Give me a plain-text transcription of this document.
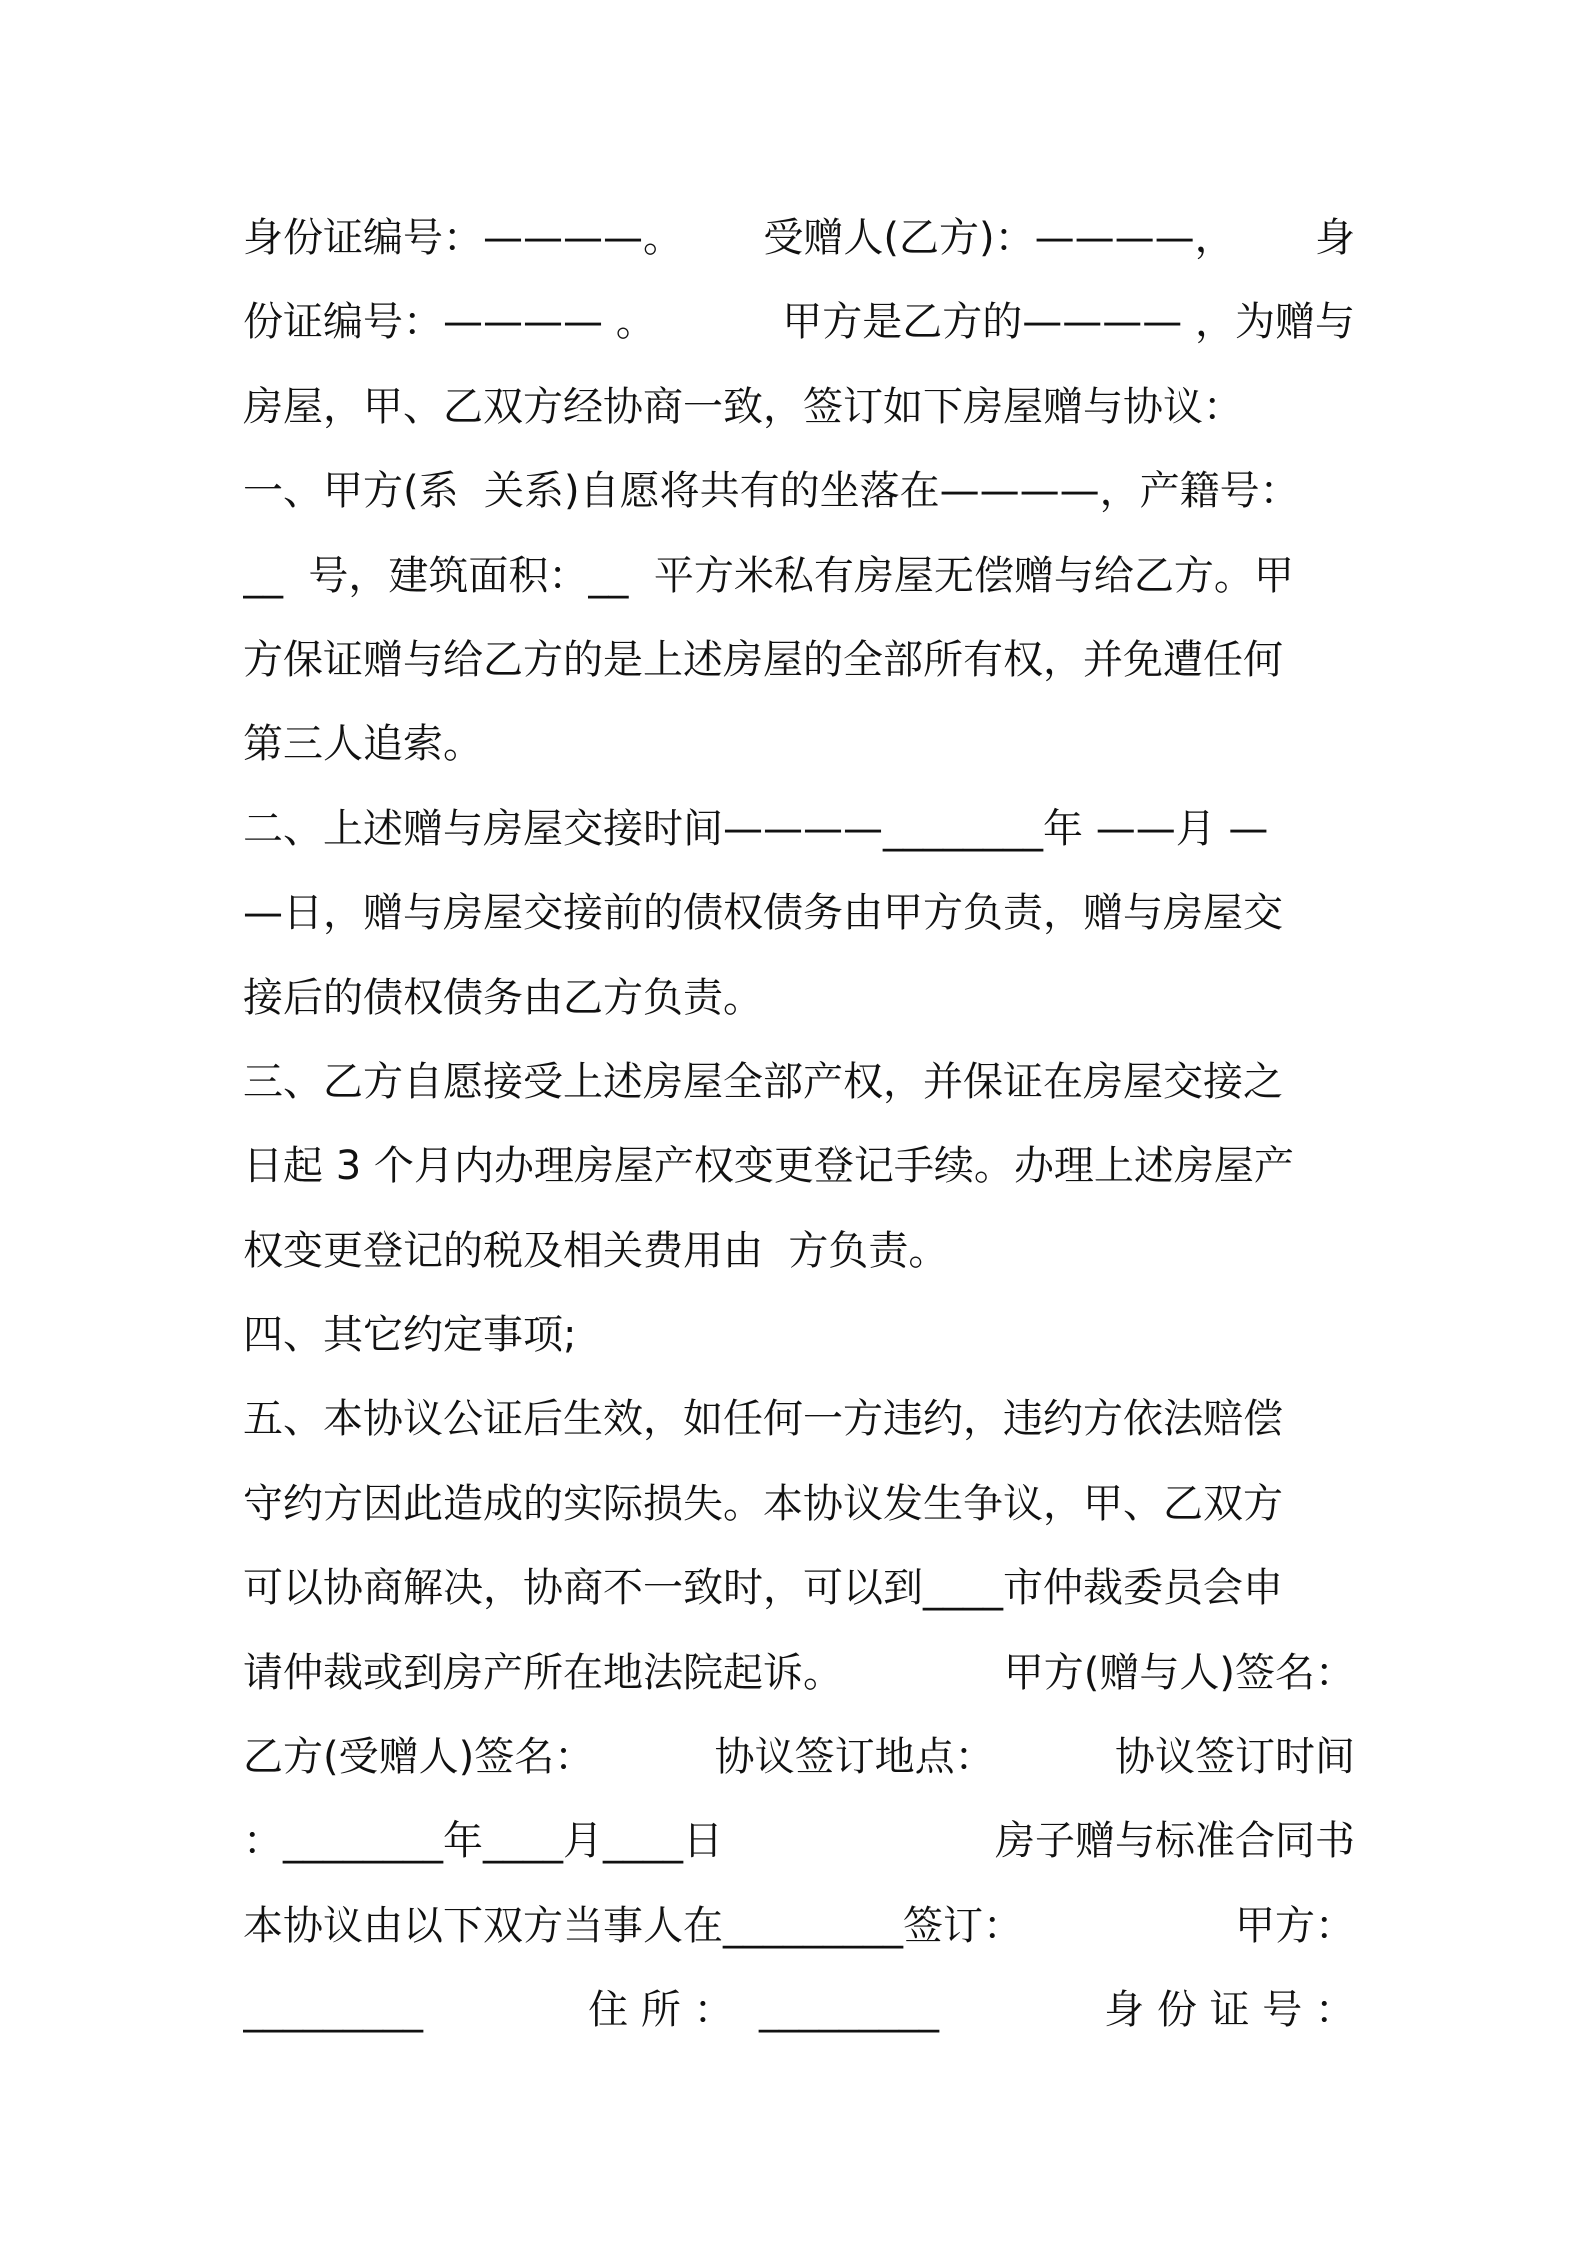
身份证编号：————。 受赠人(乙方)：————， 身
份证编号：———— 。	甲方是乙方的———— ，为赠与
房屋，甲、乙双方经协商一致，签订如下房屋赠与协议：
一、甲方(系  关系)自愿将共有的坐落在————，产籍号：
__  号，建筑面积：__  平方米私有房屋无偿赠与给乙方。甲
方保证赠与给乙方的是上述房屋的全部所有权，并免遭任何
第三人追索。
二、上述赠与房屋交接时间————________年 ——月 —
—日，赠与房屋交接前的债权债务由甲方负责，赠与房屋交
接后的债权债务由乙方负责。
三、乙方自愿接受上述房屋全部产权，并保证在房屋交接之
日起 3 个月内办理房屋产权变更登记手续。办理上述房屋产
权变更登记的税及相关费用由  方负责。
四、其它约定事项;
五、本协议公证后生效，如任何一方违约，违约方依法赔偿
守约方因此造成的实际损失。本协议发生争议，甲、乙双方
可以协商解决，协商不一致时，可以到____市仲裁委员会申
请仲裁或到房产所在地法院起诉。	甲方(赠与人)签名：
乙方(受赠人)签名：	协议签订地点：	协议签订时间
：________年____月____日	房子赠与标准合同书
本协议由以下双方当事人在_________签订：	甲方：
_________	住 所 ：  _________	身 份 证 号 ：
